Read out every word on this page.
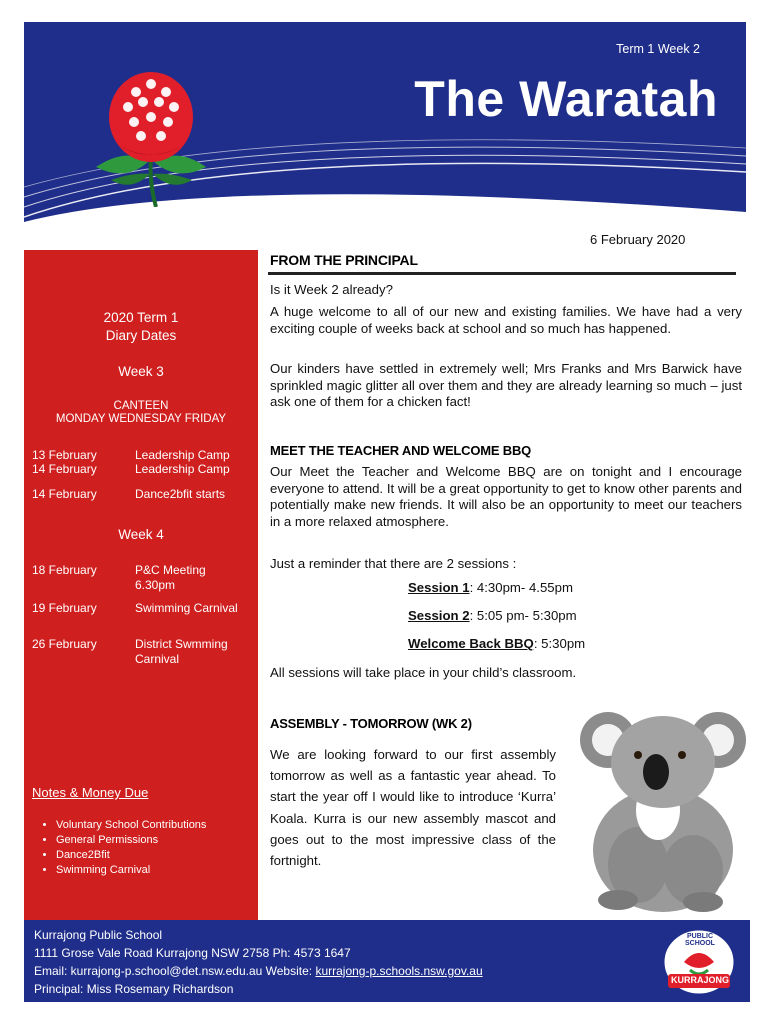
Term 1 Week 2
The Waratah
6 February 2020
2020 Term 1
Diary Dates
Week 3
CANTEEN
MONDAY WEDNESDAY FRIDAY
13 February	Leadership Camp
14 February	Leadership Camp
14 February	Dance2bfit starts
Week 4
18 February	P&C Meeting
6.30pm
19 February	Swimming Carnival
26 February	District Swmming
Carnival
Notes & Money Due
• Voluntary School Contributions
• General Permissions
• Dance2Bfit
• Swimming Carnival
FROM THE PRINCIPAL

Is it Week 2 already?

A huge welcome to all of our new and existing families. We have had a very exciting couple of weeks back at school and so much has happened.

Our kinders have settled in extremely well; Mrs Franks and Mrs Barwick have sprinkled magic glitter all over them and they are already learning so much – just ask one of them for a chicken fact!

MEET THE TEACHER AND WELCOME BBQ

Our Meet the Teacher and Welcome BBQ are on tonight and I encourage everyone to attend. It will be a great opportunity to get to know other parents and potentially make new friends. It will also be an opportunity to meet our teachers in a more relaxed atmosphere.

Just a reminder that there are 2 sessions :

Session 1: 4:30pm- 4.55pm
Session 2: 5:05 pm- 5:30pm
Welcome Back BBQ: 5:30pm

All sessions will take place in your child’s classroom.

ASSEMBLY - TOMORROW (WK 2)

We are looking forward to our first assembly tomorrow as well as a fantastic year ahead. To start the year off I would like to introduce ‘Kurra’ Koala. Kurra is our new assembly mascot and goes out to the most impressive class of the fortnight.

Kurrajong Public School
1111 Grose Vale Road Kurrajong NSW 2758 Ph: 4573 1647
Email: kurrajong-p.school@det.nsw.edu.au Website: kurrajong-p.schools.nsw.gov.au
Principal: Miss Rosemary Richardson
PUBLIC SCHOOL
KURRAJONG
